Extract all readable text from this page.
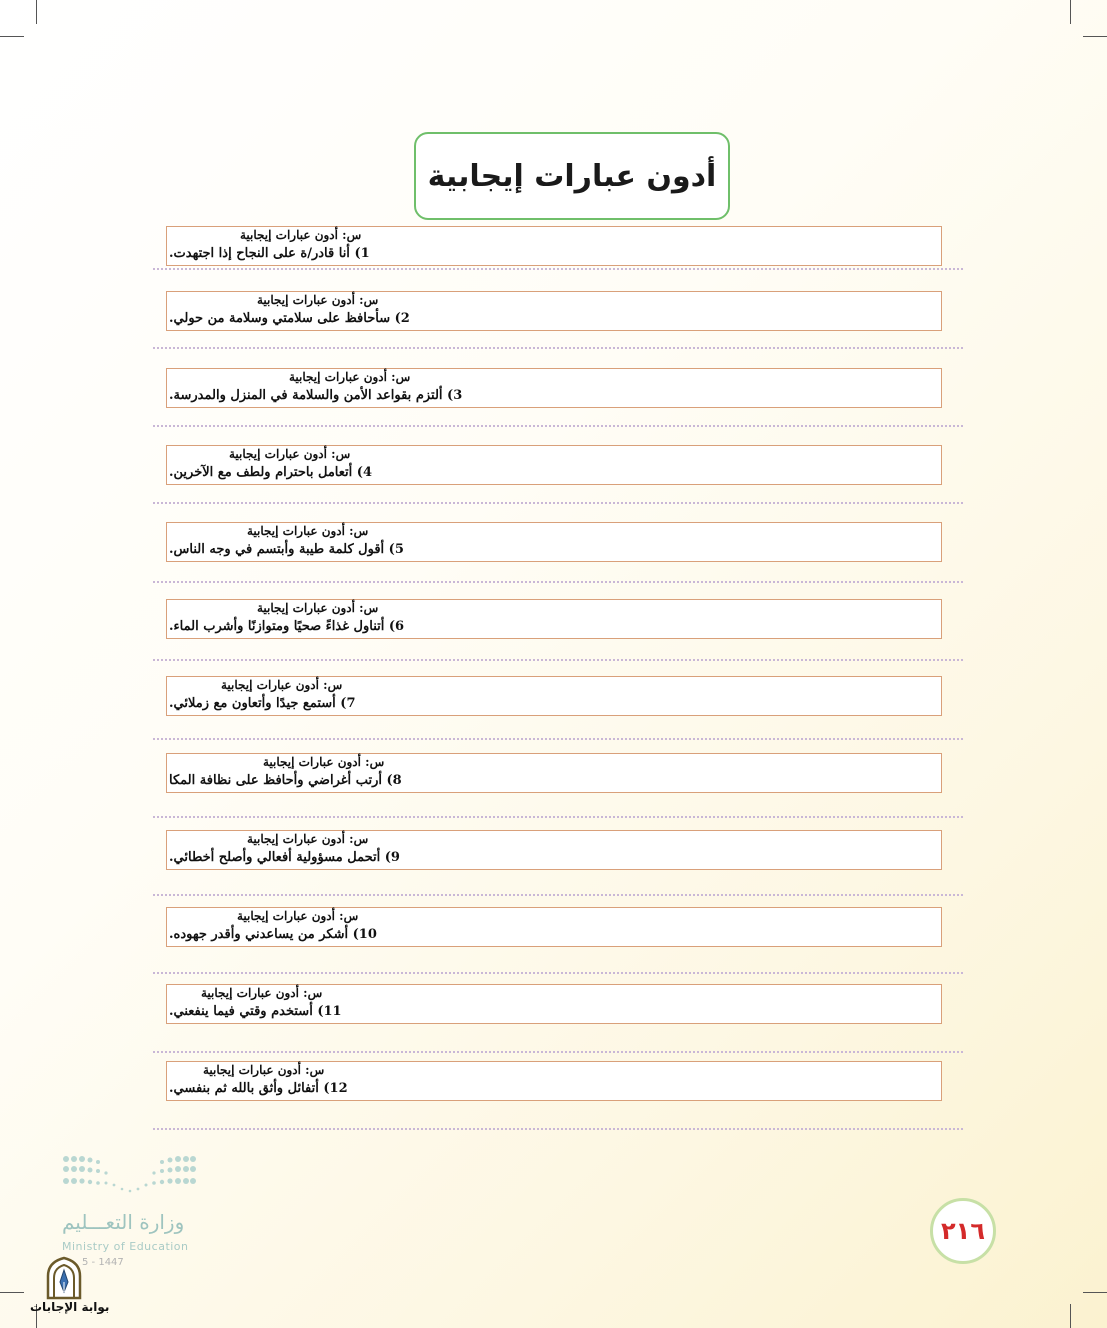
أدون عبارات إيجابية
س: أدون عبارات إيجابية
1) أنا قادر/ة على النجاح إذا اجتهدت.
س: أدون عبارات إيجابية
2) سأحافظ على سلامتي وسلامة من حولي.
س: أدون عبارات إيجابية
3) ألتزم بقواعد الأمن والسلامة في المنزل والمدرسة.
س: أدون عبارات إيجابية
4) أتعامل باحترام ولطف مع الآخرين.
س: أدون عبارات إيجابية
5) أقول كلمة طيبة وأبتسم في وجه الناس.
س: أدون عبارات إيجابية
6) أتناول غذاءً صحيًا ومتوازنًا وأشرب الماء.
س: أدون عبارات إيجابية
7) أستمع جيدًا وأتعاون مع زملائي.
س: أدون عبارات إيجابية
8) أرتب أغراضي وأحافظ على نظافة المكا
س: أدون عبارات إيجابية
9) أتحمل مسؤولية أفعالي وأصلح أخطائي.
س: أدون عبارات إيجابية
10) أشكر من يساعدني وأقدر جهوده.
س: أدون عبارات إيجابية
11) أستخدم وقتي فيما ينفعني.
س: أدون عبارات إيجابية
12) أتفائل وأثق بالله ثم بنفسي.
وزارة التعـــليم
Ministry of Education
5 - 1447
بوابة الإجابات
٢١٦
